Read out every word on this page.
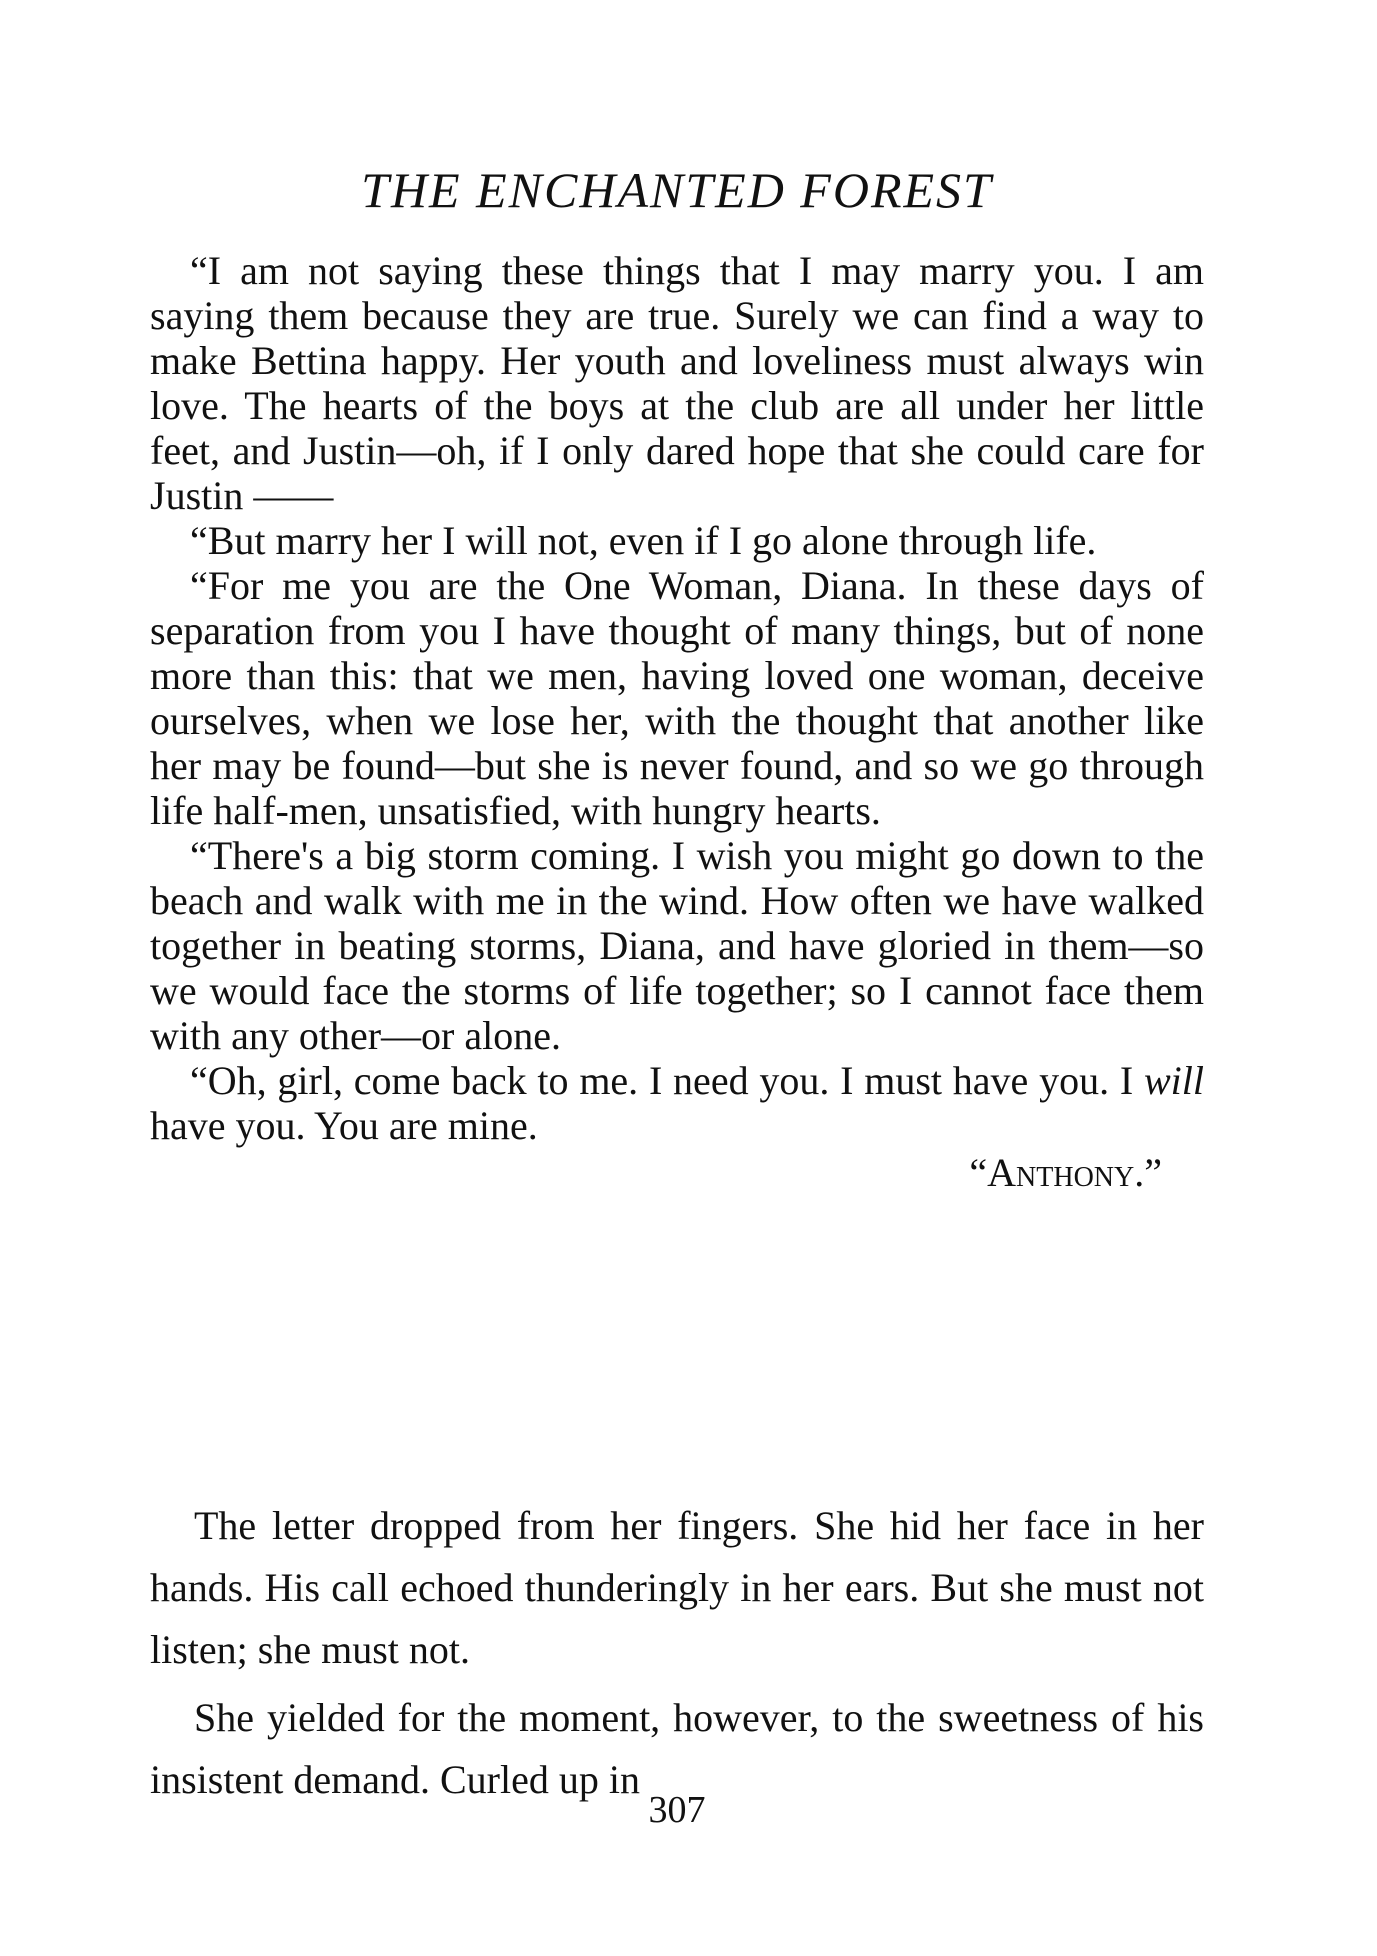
THE ENCHANTED FOREST

“I am not saying these things that I may marry you. I am saying them because they are true. Surely we can find a way to make Bettina happy. Her youth and loveliness must always win love. The hearts of the boys at the club are all under her little feet, and Justin—oh, if I only dared hope that she could care for Justin ——

“But marry her I will not, even if I go alone through life.

“For me you are the One Woman, Diana. In these days of separation from you I have thought of many things, but of none more than this: that we men, having loved one woman, deceive ourselves, when we lose her, with the thought that another like her may be found—but she is never found, and so we go through life half-men, unsatisfied, with hungry hearts.

“There's a big storm coming. I wish you might go down to the beach and walk with me in the wind. How often we have walked together in beating storms, Diana, and have gloried in them—so we would face the storms of life together; so I cannot face them with any other—or alone.

“Oh, girl, come back to me. I need you. I must have you. I will have you. You are mine.

“Anthony.”

The letter dropped from her fingers. She hid her face in her hands. His call echoed thunderingly in her ears. But she must not listen; she must not.

She yielded for the moment, however, to the sweetness of his insistent demand. Curled up in

307
